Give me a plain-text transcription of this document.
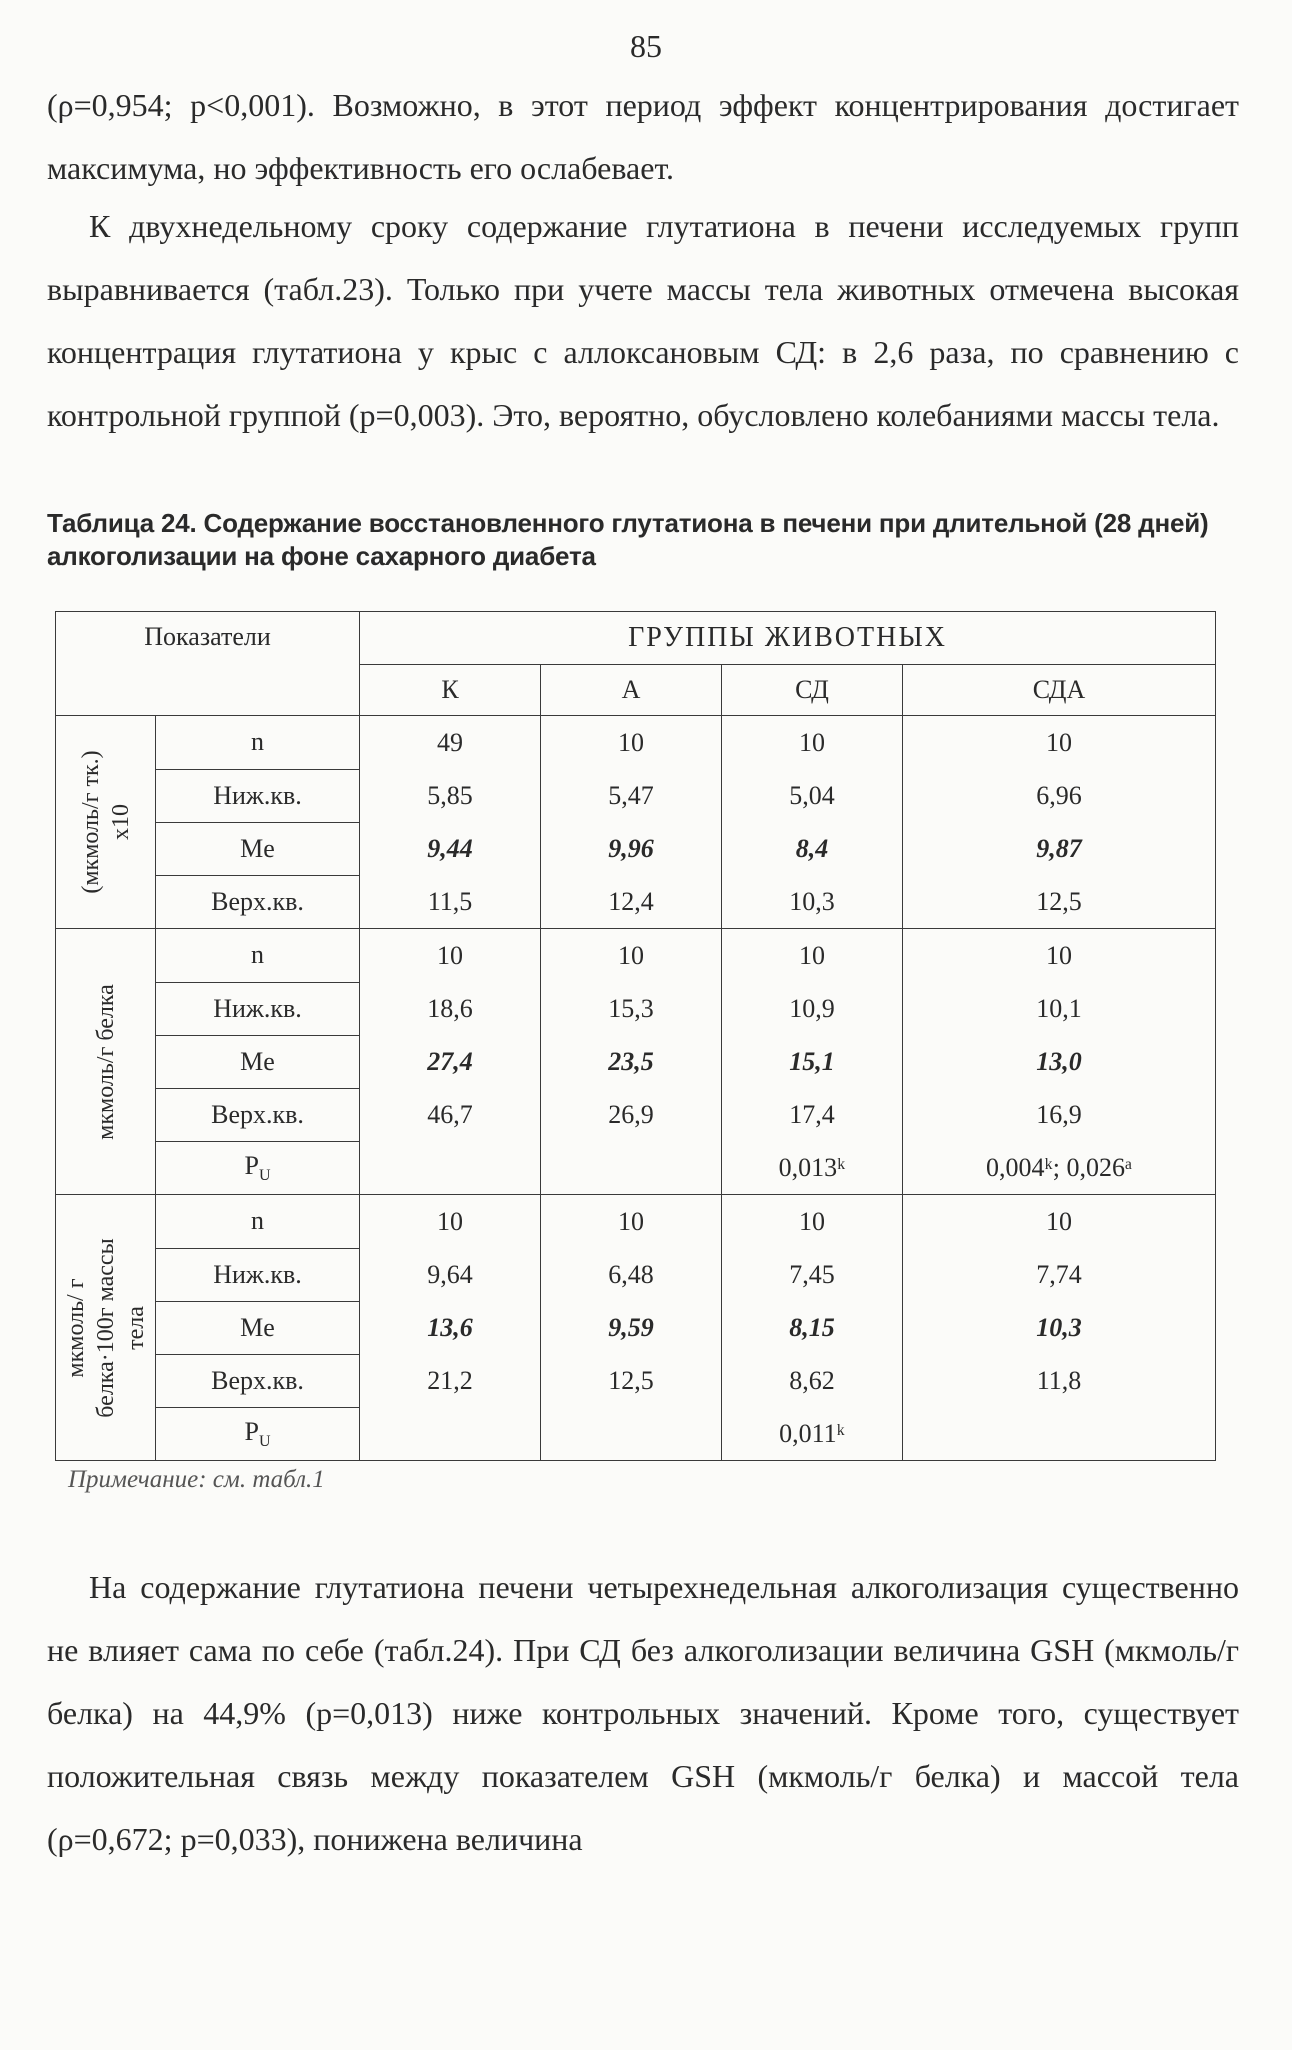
85
(ρ=0,954; p<0,001). Возможно, в этот период эффект концентрирования достигает максимума, но эффективность его ослабевает.
К двухнедельному сроку содержание глутатиона в печени исследуемых групп выравнивается (табл.23). Только при учете массы тела животных отмечена высокая концентрация глутатиона у крыс с аллоксановым СД: в 2,6 раза, по сравнению с контрольной группой (p=0,003). Это, вероятно, обусловлено колебаниями массы тела.
Таблица 24. Содержание восстановленного глутатиона в печени при длительной (28 дней) алкоголизации на фоне сахарного диабета
Показатели		ГРУППЫ ЖИВОТНЫХ			
		К	А	СД	СДА

(мкмоль/г тк.) x10	n	49	10	10	10
	Ниж.кв.	5,85	5,47	5,04	6,96
	Me	9,44	9,96	8,4	9,87
	Верх.кв.	11,5	12,4	10,3	12,5

мкмоль/г белка	n	10	10	10	10
	Ниж.кв.	18,6	15,3	10,9	10,1
	Me	27,4	23,5	15,1	13,0
	Верх.кв.	46,7	26,9	17,4	16,9
	$P_U$			0,013ᵏ	0,004ᵏ; 0,026ᵃ

мкмоль/ г белка·100г массы тела	n	10	10	10	10
	Ниж.кв.	9,64	6,48	7,45	7,74
	Me	13,6	9,59	8,15	10,3
	Верх.кв.	21,2	12,5	8,62	11,8
	$P_U$			0,011ᵏ	
Примечание: см. табл.1
На содержание глутатиона печени четырехнедельная алкоголизация существенно не влияет сама по себе (табл.24). При СД без алкоголизации величина GSH (мкмоль/г белка) на 44,9% (p=0,013) ниже контрольных значений. Кроме того, существует положительная связь между показателем GSH (мкмоль/г белка) и массой тела (ρ=0,672; p=0,033), понижена величина
